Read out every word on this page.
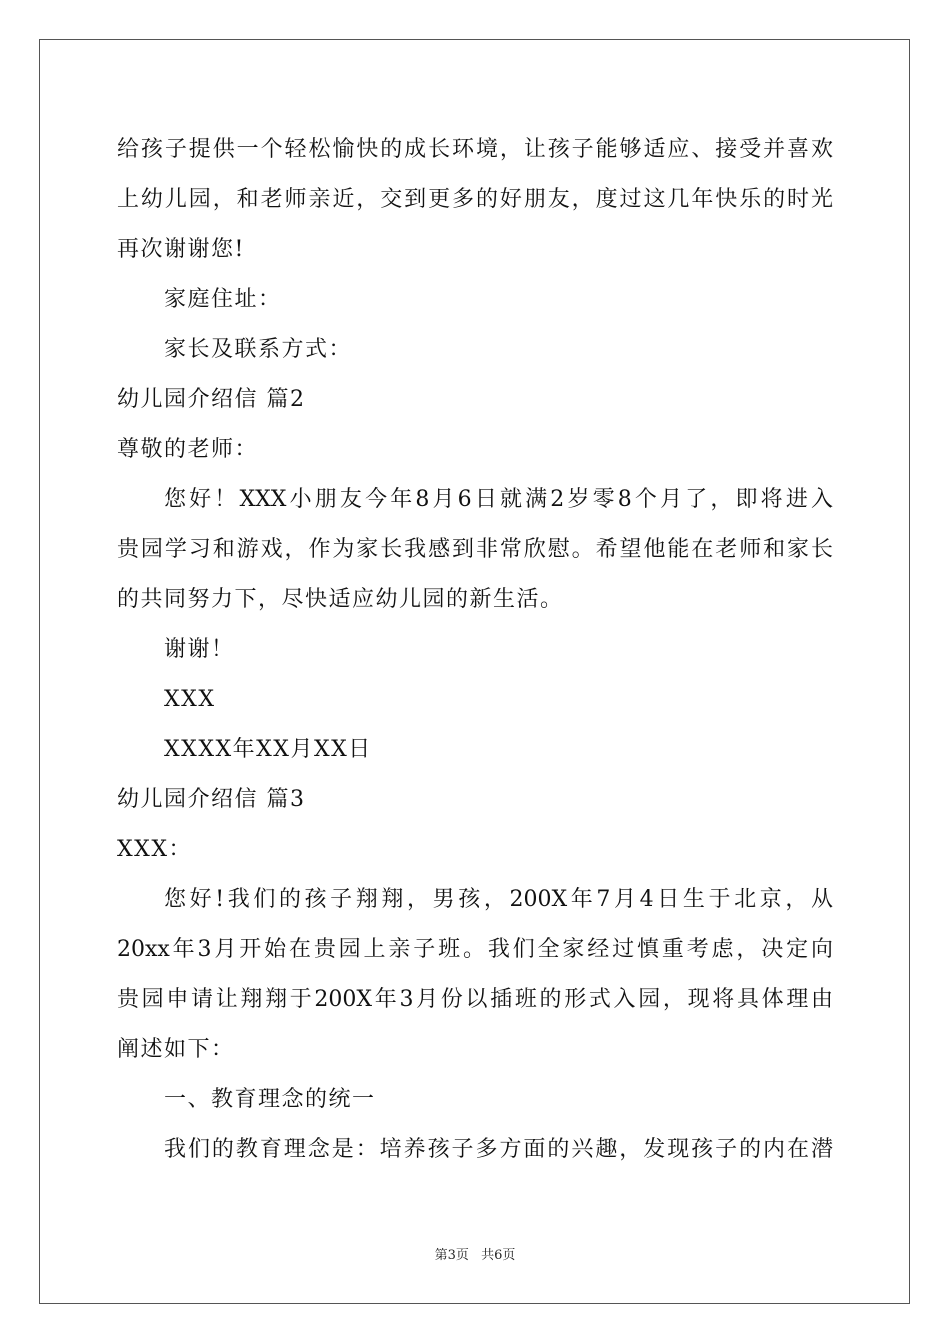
给孩子提供一个轻松愉快的成长环境，让孩子能够适应、接受并喜欢
上幼儿园，和老师亲近，交到更多的好朋友，度过这几年快乐的时光
再次谢谢您!
家庭住址：
家长及联系方式：
幼儿园介绍信 篇2
尊敬的老师：
您好！XXX小朋友今年8月6日就满2岁零8个月了，即将进入
贵园学习和游戏，作为家长我感到非常欣慰。希望他能在老师和家长
的共同努力下，尽快适应幼儿园的新生活。
谢谢！
XXX
XXXX年XX月XX日
幼儿园介绍信 篇3
XXX：
您好!我们的孩子翔翔，男孩，200X年7月4日生于北京，从
20xx年3月开始在贵园上亲子班。我们全家经过慎重考虑，决定向
贵园申请让翔翔于200X年3月份以插班的形式入园，现将具体理由
阐述如下：
一、教育理念的统一
我们的教育理念是：培养孩子多方面的兴趣，发现孩子的内在潜
第3页 共6页
